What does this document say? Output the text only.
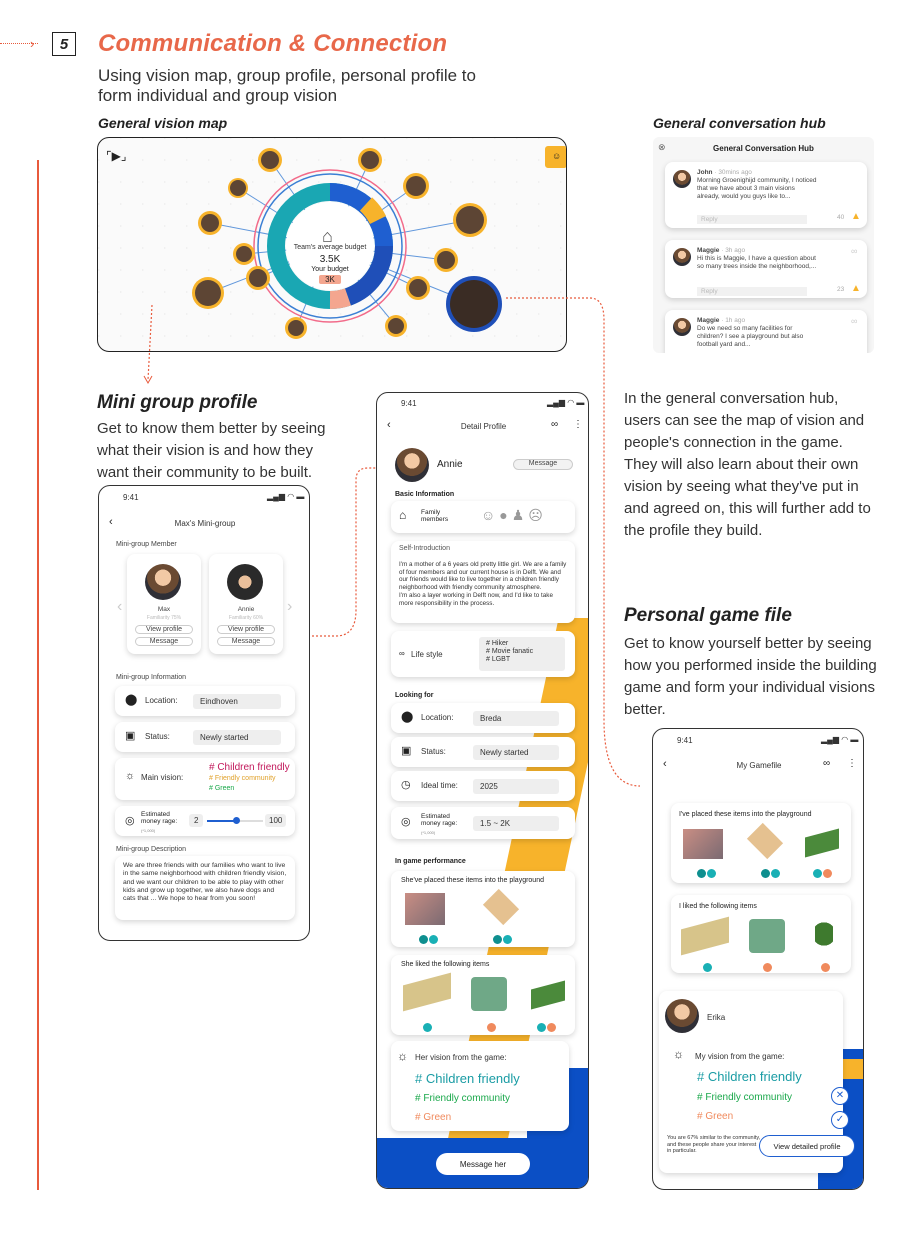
›	5	Communication & Connection
Using vision map, group profile, personal profile to form individual and group vision
General vision map
⌜▶⌟
⌂
Team's average budget
3.5K
Your budget
3K
☺
General conversation hub
⊗	General Conversation Hub
John · 30mins ago
Morning Groenighijd community, I noticed that we have about 3 main visions already, would you guys like to...
Reply	40 ▲
Maggie · 3h ago
Hi this is Maggie, I have a question about so many trees inside the neighborhood,...
Reply	23 ▲
∞
Maggie · 1h ago
Do we need so many facilities for children? I see a playground but also football yard and...
∞
In the general conversation hub, users can see the map of vision and people's connection in the game. They will also learn about their own vision by seeing what they've put in and agreed on, this will further add to the profile they build.
Mini group profile
Get to know them better by seeing what their vision is and how they want their community to be built.
9:41	▂▄▆ ◠ ▬
‹	Max's Mini-group
Mini-group Member
Max
Familiarity 75%
View profile
Message
Annie
Familiarity 60%
View profile
Message
‹	›
Mini-group Information
⬤ Location:	Eindhoven
▣ Status:	Newly started
☼ Main vision:
# Children friendly
# Friendly community
# Green
◎
Estimated money rage:
(*1,000)
2	100
Mini-group Description
We are three friends with our families who want to live in the same neighborhood with children friendly vision, and we want our children to be able to play with other kids and grow up together, we also have dogs and cats that ... We hope to hear from you soon!
9:41	▂▄▆ ◠ ▬
‹	Detail Profile	∞ ⋮
Annie	Message
Basic Information
⌂ Family members	☺●♟☹
Self-Introduction
I'm a mother of a 6 years old pretty little girl. We are a family of four members and our current house is in Delft. We and our friends would like to live together in a children friendly neighborhood with friendly community atmosphere.
I'm also a layer working in Delft now, and I'd like to take more responsibility in the process.
∞ Life style
# Hiker
# Movie fanatic
# LGBT
Looking for
⬤ Location:	Breda
▣ Status:	Newly started
◷ Ideal time:	2025
◎ Estimated money rage:
(*1,000)
1.5 ~ 2K
In game performance
She've placed these items into the playground
She liked the following items
☼ Her vision from the game:
# Children friendly
# Friendly community
# Green
Message her
Personal game file
Get to know yourself better by seeing how you performed inside the building game and form your individual visions better.
9:41	▂▄▆ ◠ ▬
‹	My Gamefile	∞ ⋮
I've placed these items into the playground
I liked the following items
Erika
☼ My vision from the game:
# Children friendly
# Friendly community
# Green
You are 67% similar to the community, and these people share your interest in particular.
✕
✓
View detailed profile
